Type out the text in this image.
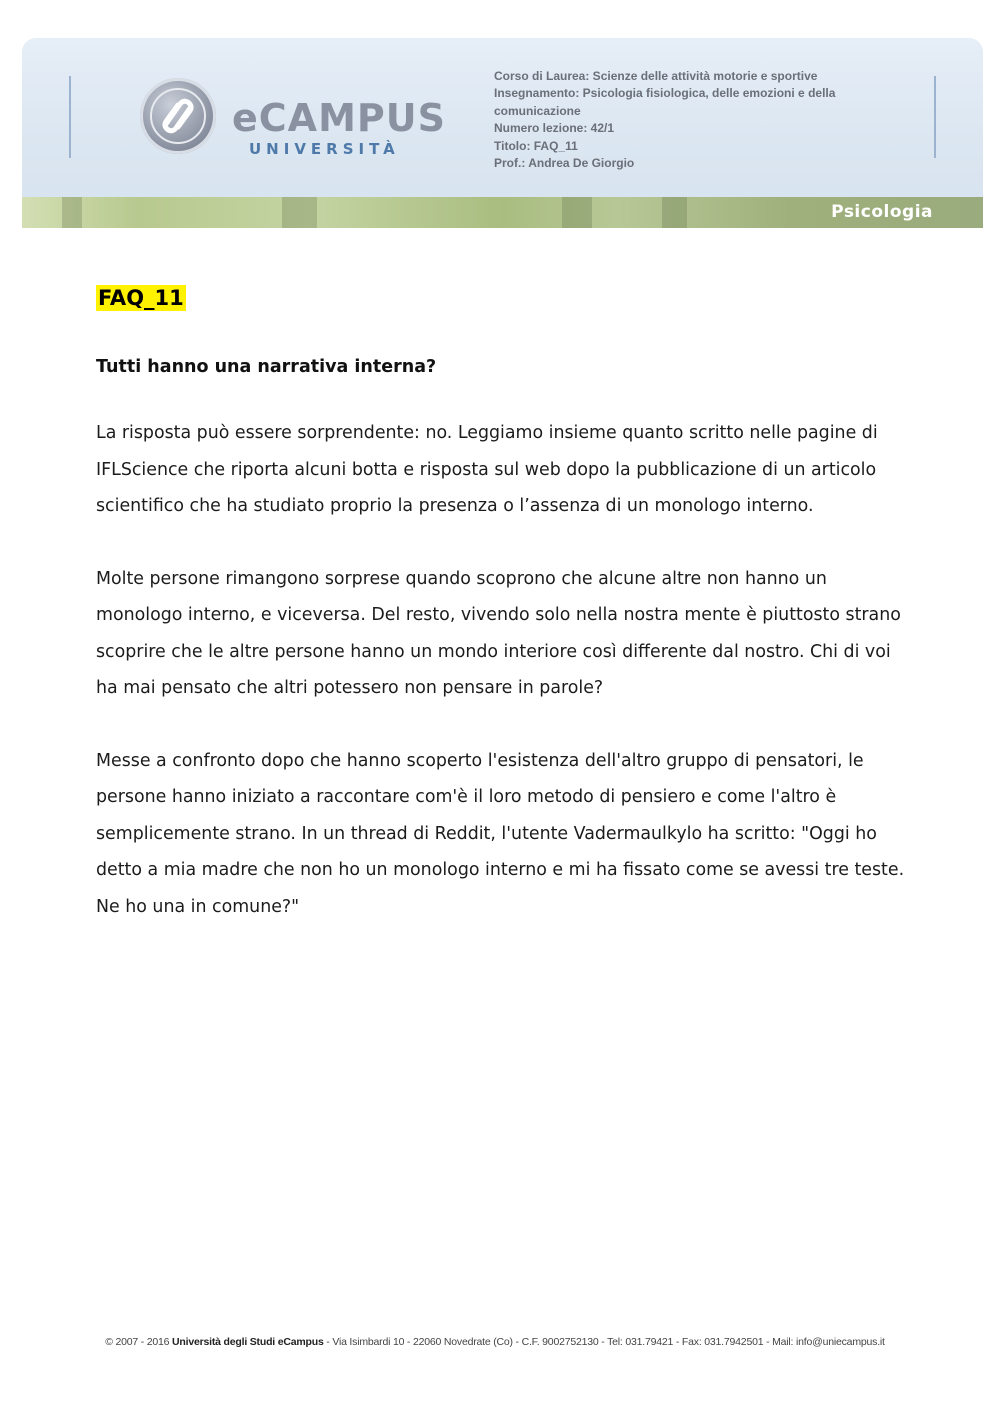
eCAMPUS
UNIVERSITÀ
Corso di Laurea: Scienze delle attività motorie e sportive
Insegnamento: Psicologia fisiologica, delle emozioni e della
comunicazione
Numero lezione: 42/1
Titolo: FAQ_11
Prof.: Andrea De Giorgio
Psicologia
FAQ_11
Tutti hanno una narrativa interna?

La risposta può essere sorprendente: no. Leggiamo insieme quanto scritto nelle pagine di IFLScience che riporta alcuni botta e risposta sul web dopo la pubblicazione di un articolo scientifico che ha studiato proprio la presenza o l’assenza di un monologo interno.

Molte persone rimangono sorprese quando scoprono che alcune altre non hanno un monologo interno, e viceversa. Del resto, vivendo solo nella nostra mente è piuttosto strano scoprire che le altre persone hanno un mondo interiore così differente dal nostro. Chi di voi ha mai pensato che altri potessero non pensare in parole?

Messe a confronto dopo che hanno scoperto l'esistenza dell'altro gruppo di pensatori, le persone hanno iniziato a raccontare com'è il loro metodo di pensiero e come l'altro è semplicemente strano. In un thread di Reddit, l'utente Vadermaulkylo ha scritto: "Oggi ho detto a mia madre che non ho un monologo interno e mi ha fissato come se avessi tre teste. Ne ho una in comune?"

© 2007 - 2016 Università degli Studi eCampus - Via Isimbardi 10 - 22060 Novedrate (Co) - C.F. 9002752130 - Tel: 031.79421 - Fax: 031.7942501 - Mail: info@uniecampus.it
